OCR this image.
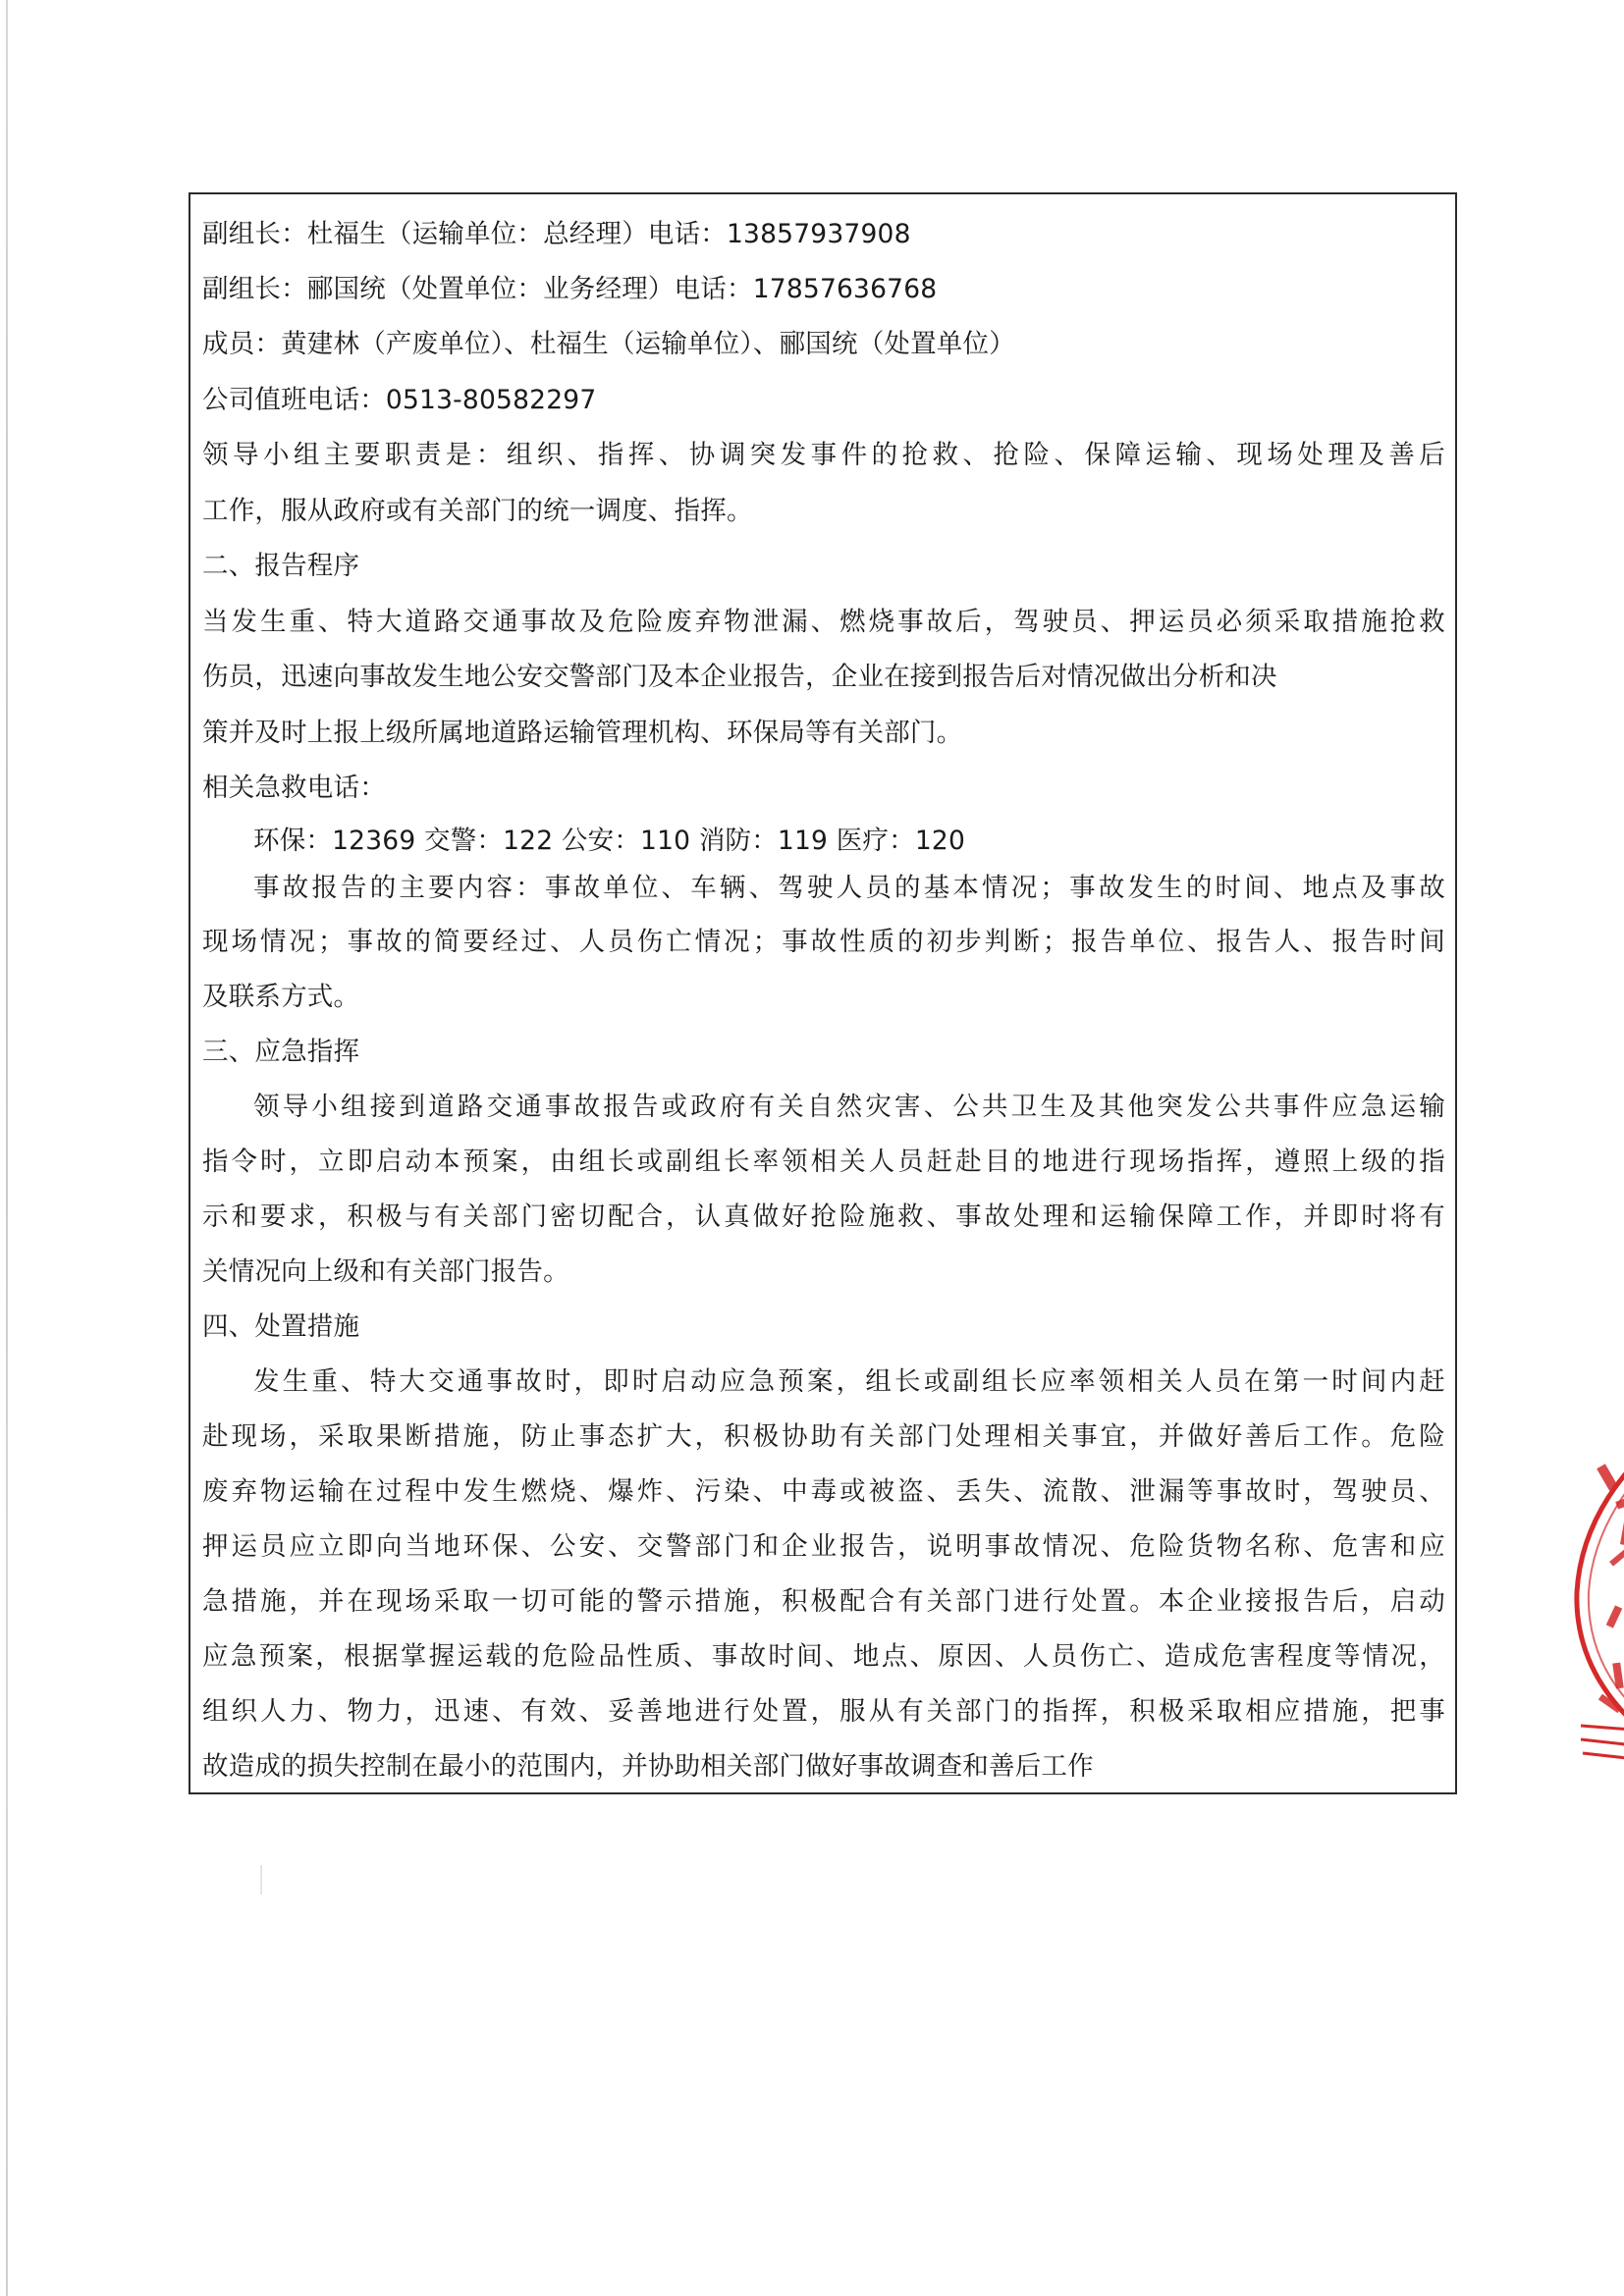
副组长：杜福生（运输单位：总经理）电话：13857937908
副组长：郦国统（处置单位：业务经理）电话：17857636768
成员：黄建林（产废单位）、杜福生（运输单位）、郦国统（处置单位）
公司值班电话：0513-80582297
领导小组主要职责是：组织、指挥、协调突发事件的抢救、抢险、保障运输、现场处理及善后
工作，服从政府或有关部门的统一调度、指挥。
二、报告程序
当发生重、特大道路交通事故及危险废弃物泄漏、燃烧事故后，驾驶员、押运员必须采取措施抢救
伤员，迅速向事故发生地公安交警部门及本企业报告，企业在接到报告后对情况做出分析和决
策并及时上报上级所属地道路运输管理机构、环保局等有关部门。
相关急救电话：
环保：12369 交警：122 公安：110 消防：119 医疗：120
事故报告的主要内容：事故单位、车辆、驾驶人员的基本情况；事故发生的时间、地点及事故
现场情况；事故的简要经过、人员伤亡情况；事故性质的初步判断；报告单位、报告人、报告时间
及联系方式。
三、应急指挥
领导小组接到道路交通事故报告或政府有关自然灾害、公共卫生及其他突发公共事件应急运输
指令时，立即启动本预案，由组长或副组长率领相关人员赶赴目的地进行现场指挥，遵照上级的指
示和要求，积极与有关部门密切配合，认真做好抢险施救、事故处理和运输保障工作，并即时将有
关情况向上级和有关部门报告。
四、处置措施
发生重、特大交通事故时，即时启动应急预案，组长或副组长应率领相关人员在第一时间内赶
赴现场，采取果断措施，防止事态扩大，积极协助有关部门处理相关事宜，并做好善后工作。危险
废弃物运输在过程中发生燃烧、爆炸、污染、中毒或被盗、丢失、流散、泄漏等事故时，驾驶员、
押运员应立即向当地环保、公安、交警部门和企业报告，说明事故情况、危险货物名称、危害和应
急措施，并在现场采取一切可能的警示措施，积极配合有关部门进行处置。本企业接报告后，启动
应急预案，根据掌握运载的危险品性质、事故时间、地点、原因、人员伤亡、造成危害程度等情况，
组织人力、物力，迅速、有效、妥善地进行处置，服从有关部门的指挥，积极采取相应措施，把事
故造成的损失控制在最小的范围内，并协助相关部门做好事故调查和善后工作
